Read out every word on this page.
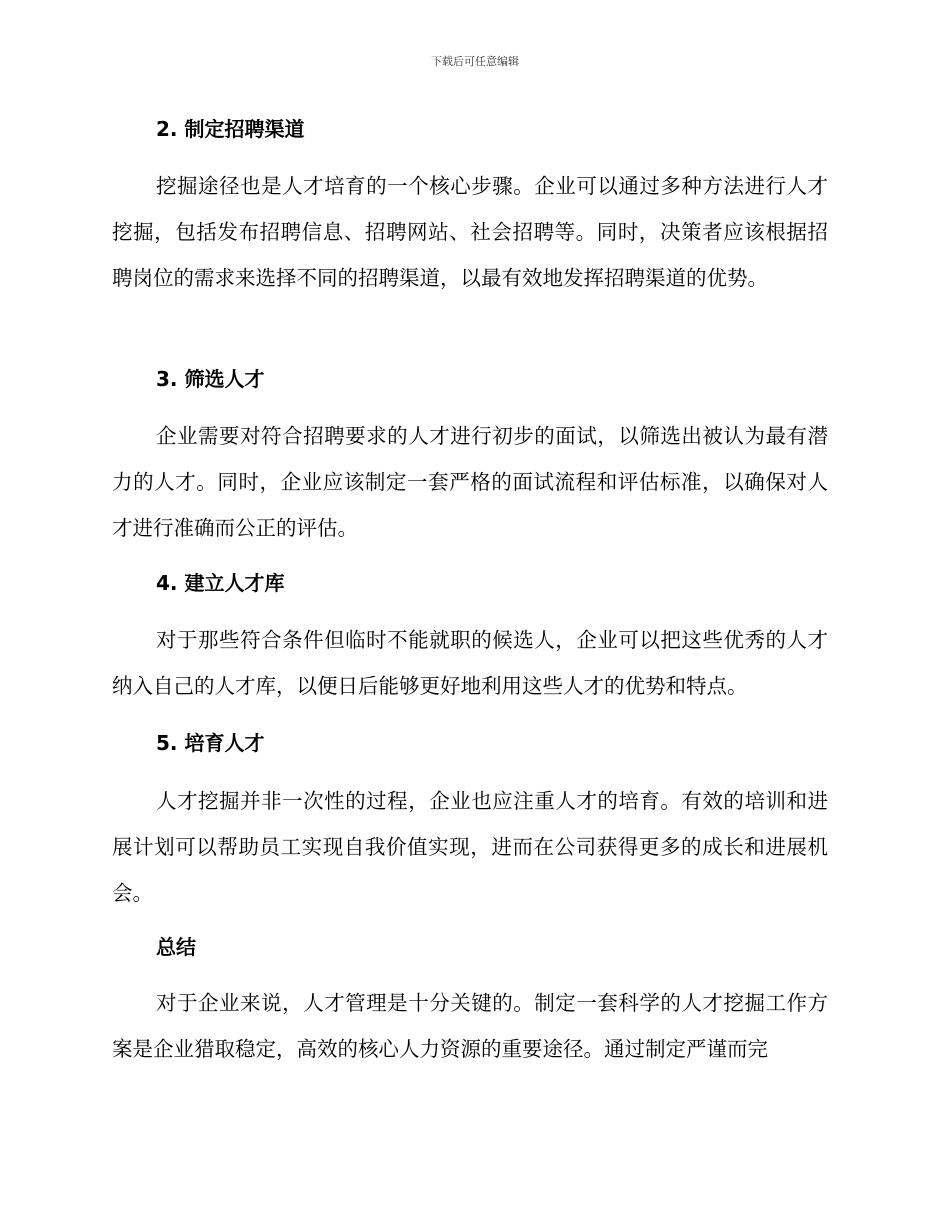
下载后可任意编辑
2. 制定招聘渠道
挖掘途径也是人才培育的一个核心步骤。企业可以通过多种方法进行人才挖掘，包括发布招聘信息、招聘网站、社会招聘等。同时，决策者应该根据招聘岗位的需求来选择不同的招聘渠道，以最有效地发挥招聘渠道的优势。
3. 筛选人才
企业需要对符合招聘要求的人才进行初步的面试，以筛选出被认为最有潜力的人才。同时，企业应该制定一套严格的面试流程和评估标准，以确保对人才进行准确而公正的评估。
4. 建立人才库
对于那些符合条件但临时不能就职的候选人，企业可以把这些优秀的人才纳入自己的人才库，以便日后能够更好地利用这些人才的优势和特点。
5. 培育人才
人才挖掘并非一次性的过程，企业也应注重人才的培育。有效的培训和进展计划可以帮助员工实现自我价值实现，进而在公司获得更多的成长和进展机会。
总结
对于企业来说，人才管理是十分关键的。制定一套科学的人才挖掘工作方案是企业猎取稳定，高效的核心人力资源的重要途径。通过制定严谨而完
